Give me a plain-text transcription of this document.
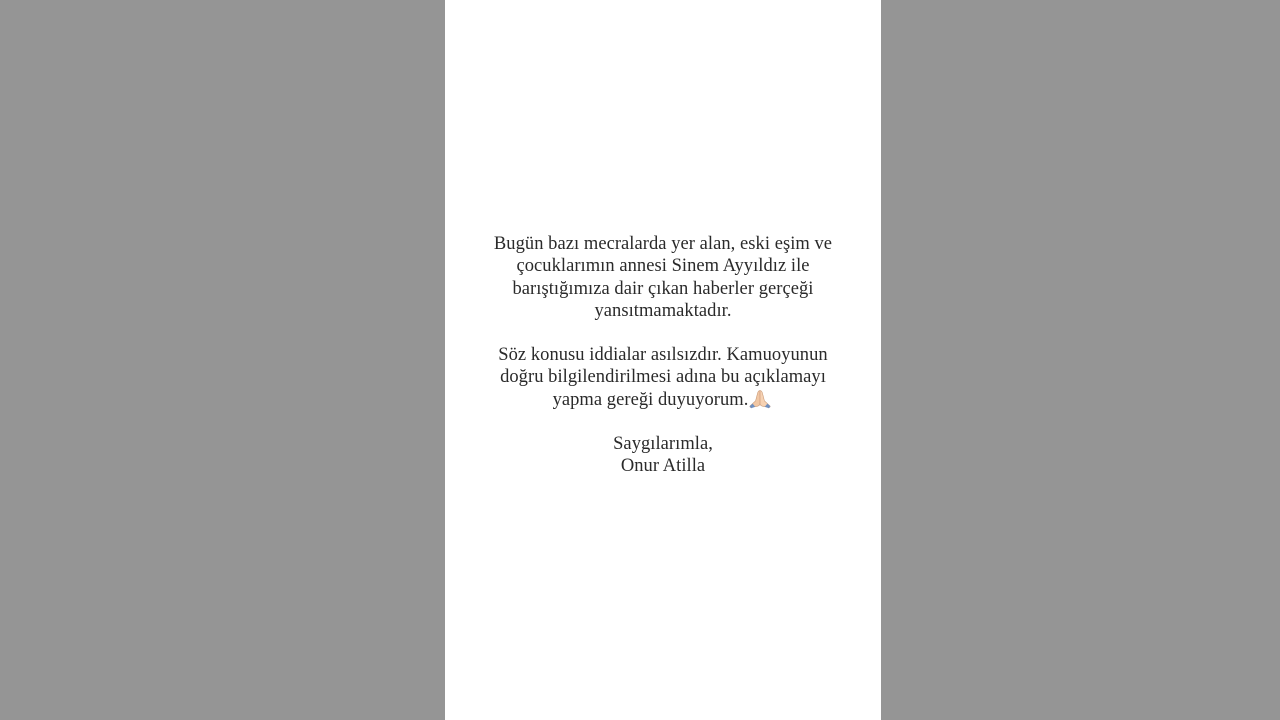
Bugün bazı mecralarda yer alan, eski eşim ve
çocuklarımın annesi Sinem Ayyıldız ile
barıştığımıza dair çıkan haberler gerçeği
yansıtmamaktadır.
Söz konusu iddialar asılsızdır. Kamuoyunun
doğru bilgilendirilmesi adına bu açıklamayı
yapma gereği duyuyorum.
Saygılarımla,
Onur Atilla
